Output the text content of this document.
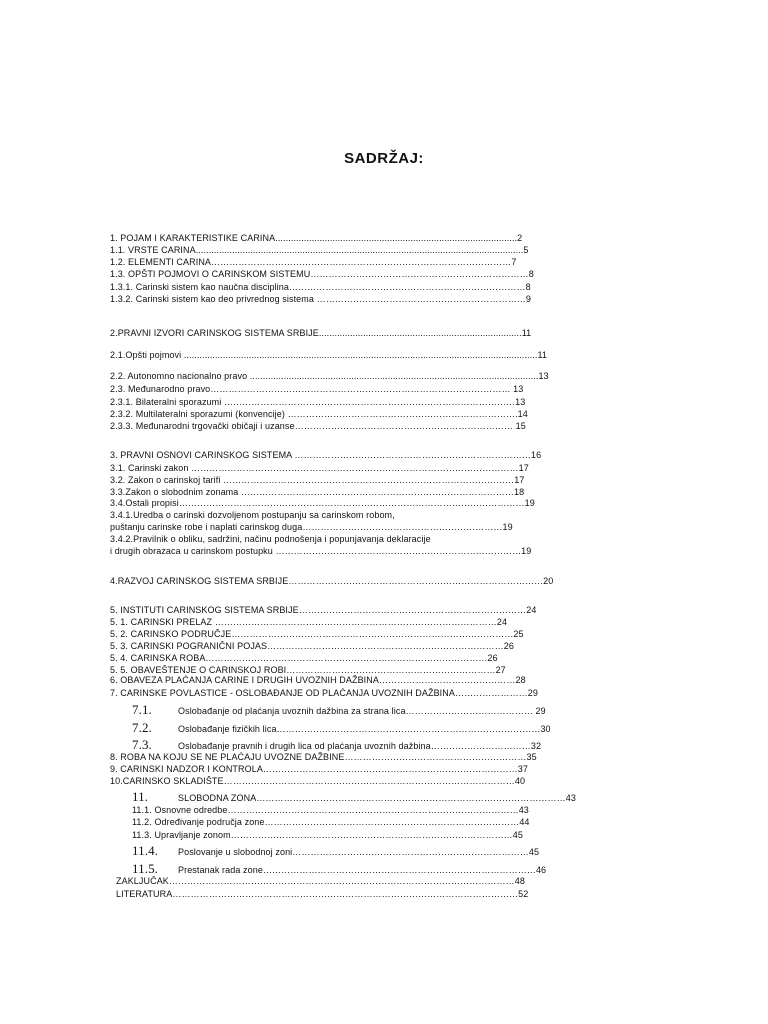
SADRŽAJ:
1. POJAM I KARAKTERISTIKE CARINA.............................................................................................2
1.1. VRSTE CARINA..............................................................................................................................5
1.2. ELEMENTI CARINA………………………………………………………………………………………7
1.3. OPŠTI POJMOVI O CARINSKOM SISTEMU………………………………………………………………8
1.3.1. Carinski sistem kao naučna disciplina……………………………………………………………………8
1.3.2. Carinski sistem kao deo privrednog sistema ……………………………………………………………9
2.PRAVNI IZVORI CARINSKOG SISTEMA SRBIJE..............................................................................11
2.1.Opšti pojmovi ........................................................................................................................................11
2.2. Autonomno nacionalno pravo ...............................................................................................................13
2.3. Međunarodno pravo……………………………………………………………………………………… 13
2.3.1. Bilateralni sporazumi ……………………………………………………………………………………13
2.3.2. Multilateralni sporazumi (konvencije) ………………………………………………………………….14
2.3.3. Međunarodni trgovački običaji i uzanse……………………………………………………………… 15
3. PRAVNI OSNOVI CARINSKOG SISTEMA ……………………………………………………………………16
3.1. Carinski zakon ………………………………………………………………………………………………17
3.2. Zakon o carinskoj tarifi ……………………………………………………………………………………17
3.3.Zakon o slobodnim zonama ………………………………………………………………………………18
3.4.Ostali propisi……………………………………………………………………………………………………19
3.4.1.Uredba o carinski dozvoljenom postupanju sa carinskom robom,
puštanju carinske robe i naplati carinskog duga…………………………………………………………19
3.4.2.Pravilnik o obliku, sadržini, načinu podnošenja i popunjavanja deklaracije
i drugih obrazaca u carinskom postupku ………………………………………………………………………19
4.RAZVOJ CARINSKOG SISTEMA SRBIJE…………………………………………………………………………20
5. INSTITUTI CARINSKOG SISTEMA SRBIJE…………………………………………………………………24
5. 1. CARINSKI PRELAZ …………………………………………………………………………………24
5. 2. CARINSKO PODRUČJE…………………………………………………………………………………25
5. 3. CARINSKI POGRANIČNI POJAS……………………………………………………………………26
5. 4. CARINSKA ROBA…………………………………………………………………………………26
5. 5. OBAVEŠTENJE O CARINSKOJ ROBI……………………………………………………………27
6. OBAVEZA PLAĆANJA CARINE I DRUGIH UVOZNIH DAŽBINA………………………………………28
7. CARINSKE POVLASTICE - OSLOBAĐANJE OD PLAĆANJA UVOZNIH DAŽBINA……………………29
7.1.	Oslobađanje od plaćanja uvoznih dažbina za strana lica…………………………………… 29
7.2.	Oslobađanje fizičkih lica……………………………………………………………………………30
7.3.	Oslobađanje pravnih i drugih lica od plaćanja uvoznih dažbina……………………………32
8. ROBA NA KOJU SE NE PLAĆAJU UVOZNE DAŽBINE……………………………………………………35
9. CARINSKI NADZOR I KONTROLA…………………………………………………………………………37
10.CARINSKO SKLADIŠTE……………………………………………………………………………………40
11.	SLOBODNA ZONA…………………………………………………………………………………………43
11.1. Osnovne odredbe……………………………………………………………………………………43
11.2. Određivanje područja zone…………………………………………………………………………44
11.3. Upravljanje zonom…………………………………………………………………………………45
11.4. Poslovanje u slobodnoj zoni……………………………………………………………………45
11.5. Prestanak rada zone………………………………………………………………………………46
ZAKLJUČAK……………………………………………………………………………………………………48
LITERATURA……………………………………………………………………………………………………52
